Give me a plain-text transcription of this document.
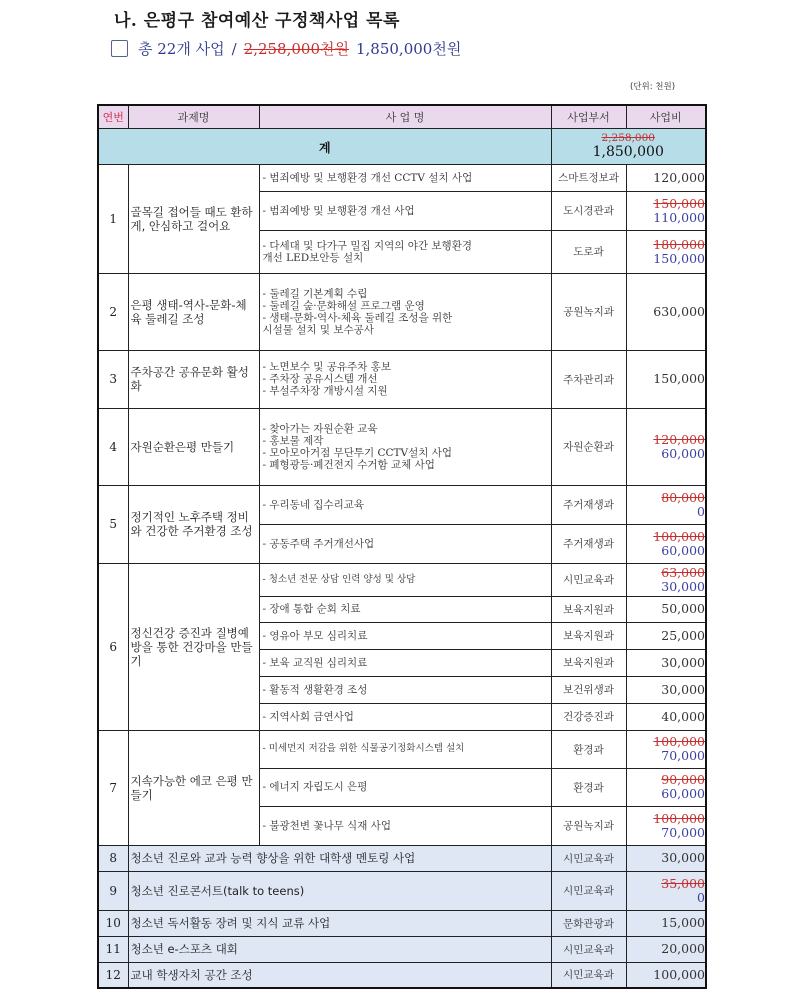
나. 은평구 참여예산 구정책사업 목록
총 22개 사업 / 2,258,000천원 1,850,000천원
(단위: 천원)
연번	과제명	사 업 명	사업부서	사업비
계			2,258,000
1,850,000	

1	골목길 접어들 때도 환하게, 안심하고 걸어요	- 범죄예방 및 보행환경 개선 CCTV 설치 사업	스마트정보과	120,000

		- 범죄예방 및 보행환경 개선 사업	도시경관과	150,000
110,000

		- 다세대 및 다가구 밀집 지역의 야간 보행환경
개선 LED보안등 설치	도로과	180,000
150,000

2	은평 생태-역사-문화-체육 둘레길 조성	- 둘레길 기본계획 수립
- 둘레길 숲·문화해설 프로그램 운영
- 생태-문화-역사-체육 둘레길 조성을 위한
시설물 설치 및 보수공사	공원녹지과	630,000

3	주차공간 공유문화 활성화	- 노면보수 및 공유주차 홍보
- 주차장 공유시스템 개선
- 부설주차장 개방시설 지원	주차관리과	150,000

4	자원순환은평 만들기	- 찾아가는 자원순환 교육
- 홍보물 제작
- 모아모아거점 무단투기 CCTV설치 사업
- 폐형광등·폐건전지 수거함 교체 사업	자원순환과	120,000
60,000

5	정기적인 노후주택 정비와 건강한 주거환경 조성	- 우리동네 집수리교육	주거재생과	80,000
0

		- 공동주택 주거개선사업	주거재생과	100,000
60,000

6	정신건강 증진과 질병예방을 통한 건강마을 만들기	- 청소년 전문 상담 인력 양성 및 상담	시민교육과	63,000
30,000

		- 장애 통합 순회 치료	보육지원과	50,000

		- 영유아 부모 심리치료	보육지원과	25,000

		- 보육 교직원 심리치료	보육지원과	30,000

		- 활동적 생활환경 조성	보건위생과	30,000

		- 지역사회 금연사업	건강증진과	40,000

7	지속가능한 에코 은평 만들기	- 미세먼지 저감을 위한 식물공기정화시스템 설치	환경과	100,000
70,000

		- 에너지 자립도시 은평	환경과	90,000
60,000

		- 불광천변 꽃나무 식재 사업	공원녹지과	100,000
70,000

8	청소년 진로와 교과 능력 향상을 위한 대학생 멘토링 사업		시민교육과	30,000

9	청소년 진로콘서트(talk to teens)		시민교육과	35,000
0

10	청소년 독서활동 장려 및 지식 교류 사업		문화관광과	15,000

11	청소년 e-스포츠 대회		시민교육과	20,000

12	교내 학생자치 공간 조성		시민교육과	100,000
